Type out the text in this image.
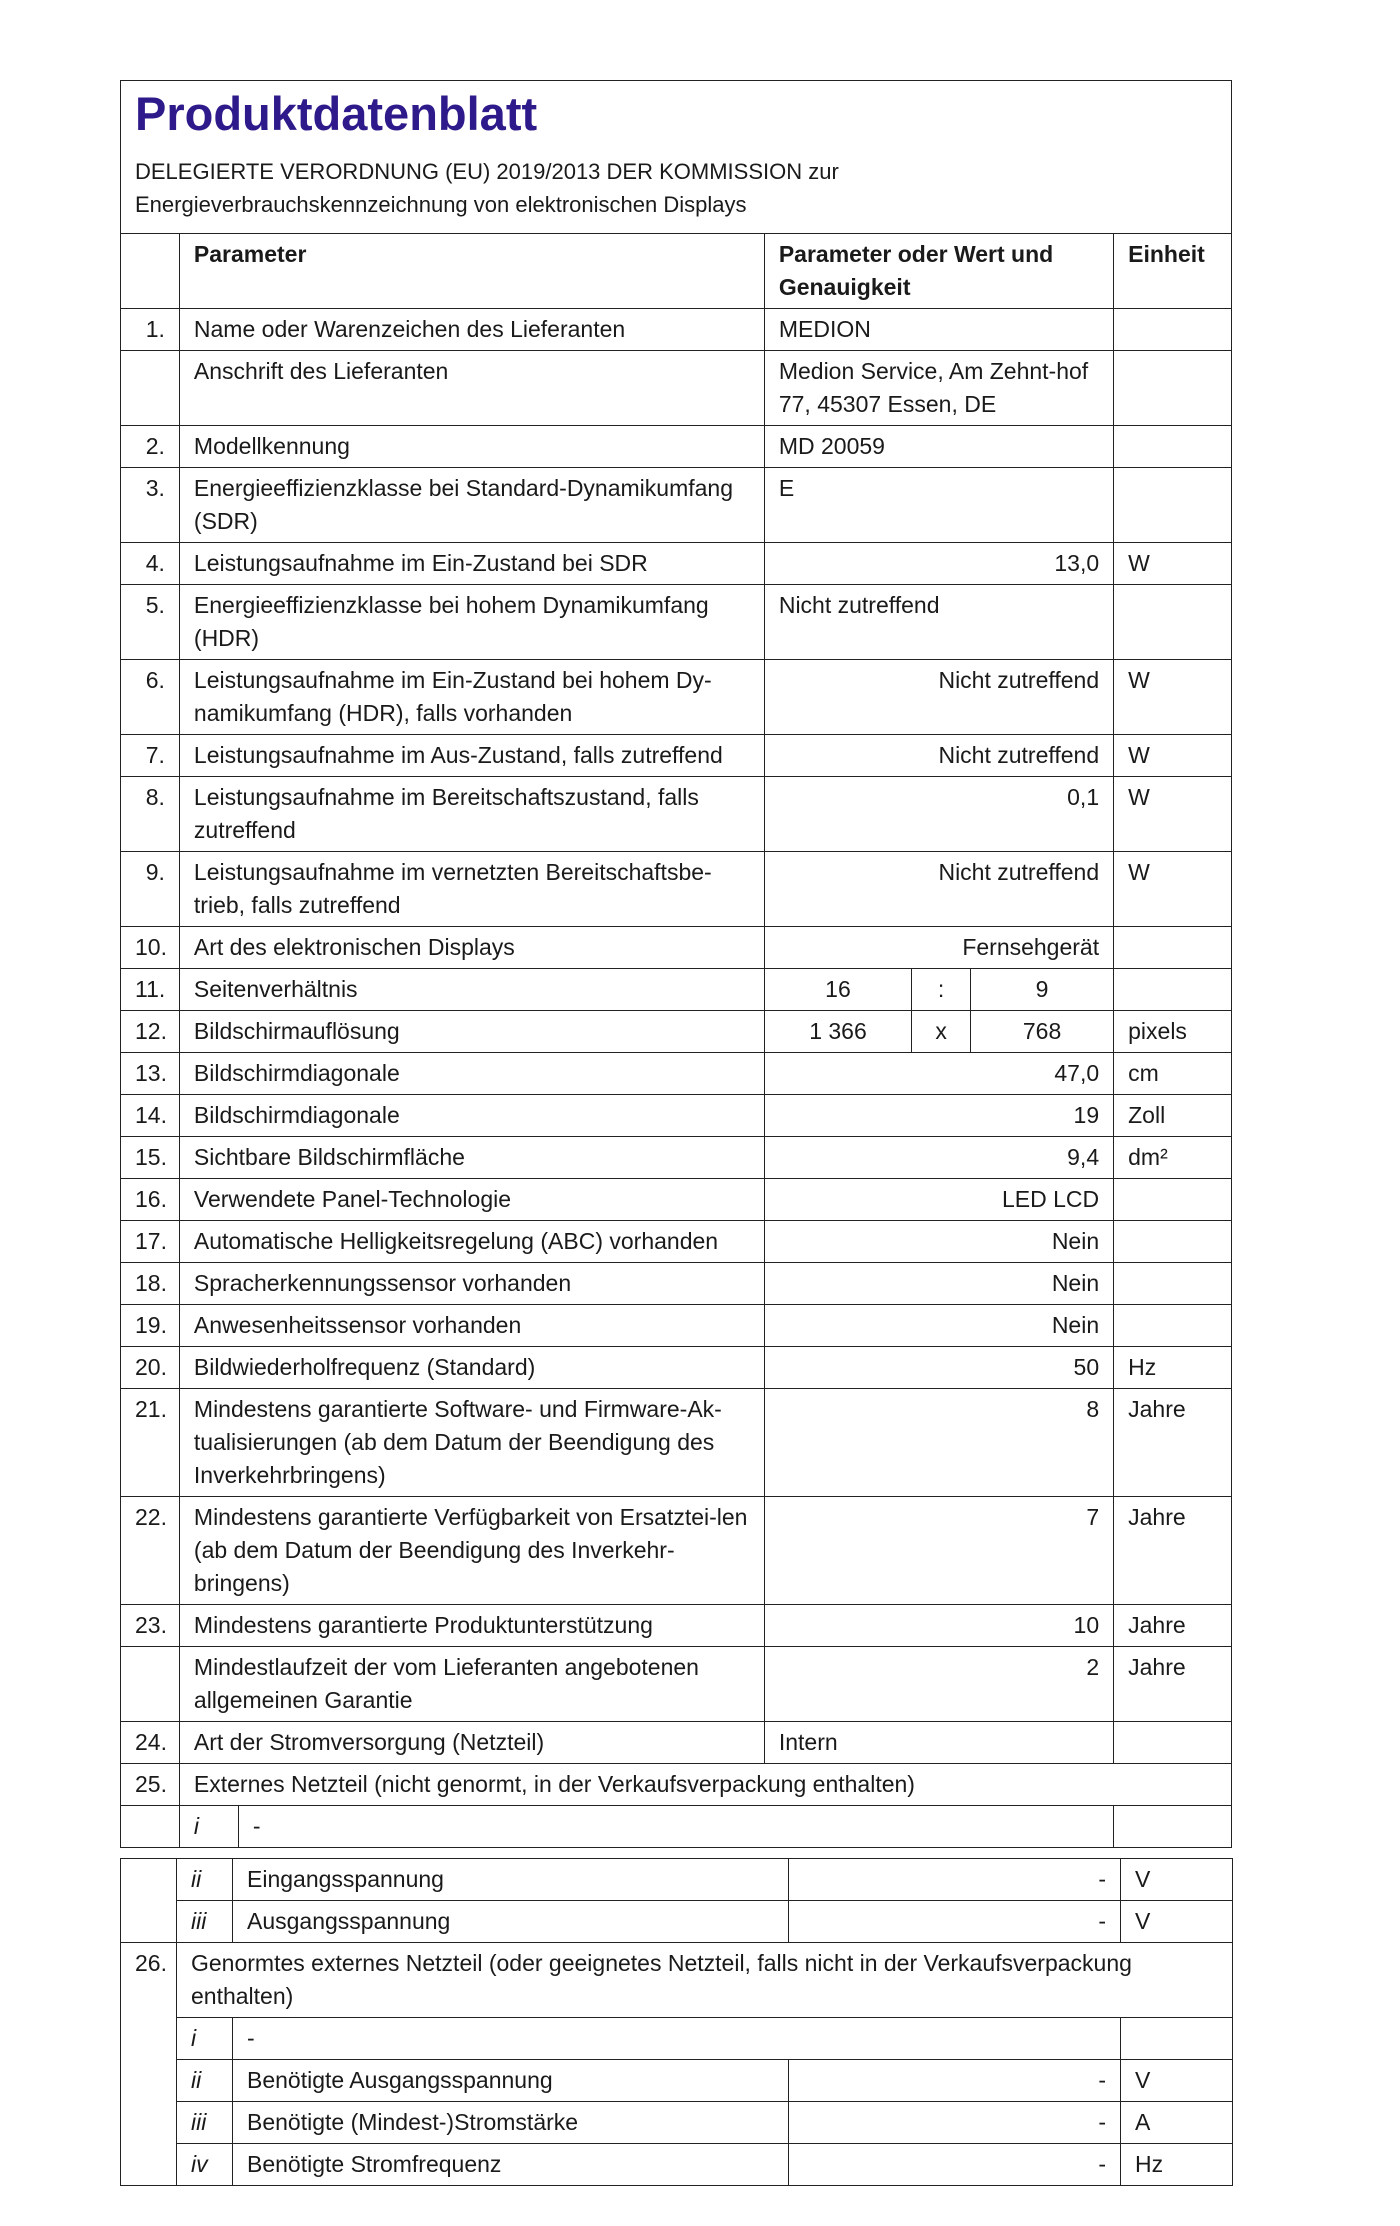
Produktdatenblatt
DELEGIERTE VERORDNUNG (EU) 2019/2013 DER KOMMISSION zur
Energieverbrauchskennzeichnung von elektronischen Displays
	Parameter		Parameter oder Wert und Genauigkeit			Einheit
1.	Name oder Warenzeichen des Lieferanten		MEDION			
	Anschrift des Lieferanten		Medion Service, Am Zehnt-hof 77, 45307 Essen, DE			
2.	Modellkennung		MD 20059			
3.	Energieeffizienzklasse bei Standard-Dynamikumfang (SDR)		E			
4.	Leistungsaufnahme im Ein-Zustand bei SDR		13,0			W
5.	Energieeffizienzklasse bei hohem Dynamikumfang (HDR)		Nicht zutreffend			
6.	Leistungsaufnahme im Ein-Zustand bei hohem Dy-namikumfang (HDR), falls vorhanden		Nicht zutreffend			W
7.	Leistungsaufnahme im Aus-Zustand, falls zutreffend		Nicht zutreffend			W
8.	Leistungsaufnahme im Bereitschaftszustand, falls zutreffend		0,1			W
9.	Leistungsaufnahme im vernetzten Bereitschaftsbe-trieb, falls zutreffend		Nicht zutreffend			W
10.	Art des elektronischen Displays		Fernsehgerät			
11.	Seitenverhältnis		16	:	9	
12.	Bildschirmauflösung		1 366	x	768	pixels
13.	Bildschirmdiagonale		47,0			cm
14.	Bildschirmdiagonale		19			Zoll
15.	Sichtbare Bildschirmfläche		9,4			dm²
16.	Verwendete Panel-Technologie		LED LCD			
17.	Automatische Helligkeitsregelung (ABC) vorhanden		Nein			
18.	Spracherkennungssensor vorhanden		Nein			
19.	Anwesenheitssensor vorhanden		Nein			
20.	Bildwiederholfrequenz (Standard)		50			Hz
21.	Mindestens garantierte Software- und Firmware-Ak-tualisierungen (ab dem Datum der Beendigung des Inverkehrbringens)		8			Jahre
22.	Mindestens garantierte Verfügbarkeit von Ersatztei-len (ab dem Datum der Beendigung des Inverkehr-bringens)		7			Jahre
23.	Mindestens garantierte Produktunterstützung		10			Jahre
	Mindestlaufzeit der vom Lieferanten angebotenen allgemeinen Garantie		2			Jahre
24.	Art der Stromversorgung (Netzteil)		Intern			
25.	Externes Netzteil (nicht genormt, in der Verkaufsverpackung enthalten)					
	i	-				
	ii	Eingangsspannung	-	V
	iii	Ausgangsspannung	-	V
26.	Genormtes externes Netzteil (oder geeignetes Netzteil, falls nicht in der Verkaufsverpackung enthalten)			
	i	-		
	ii	Benötigte Ausgangsspannung	-	V
	iii	Benötigte (Mindest-)Stromstärke	-	A
	iv	Benötigte Stromfrequenz	-	Hz
